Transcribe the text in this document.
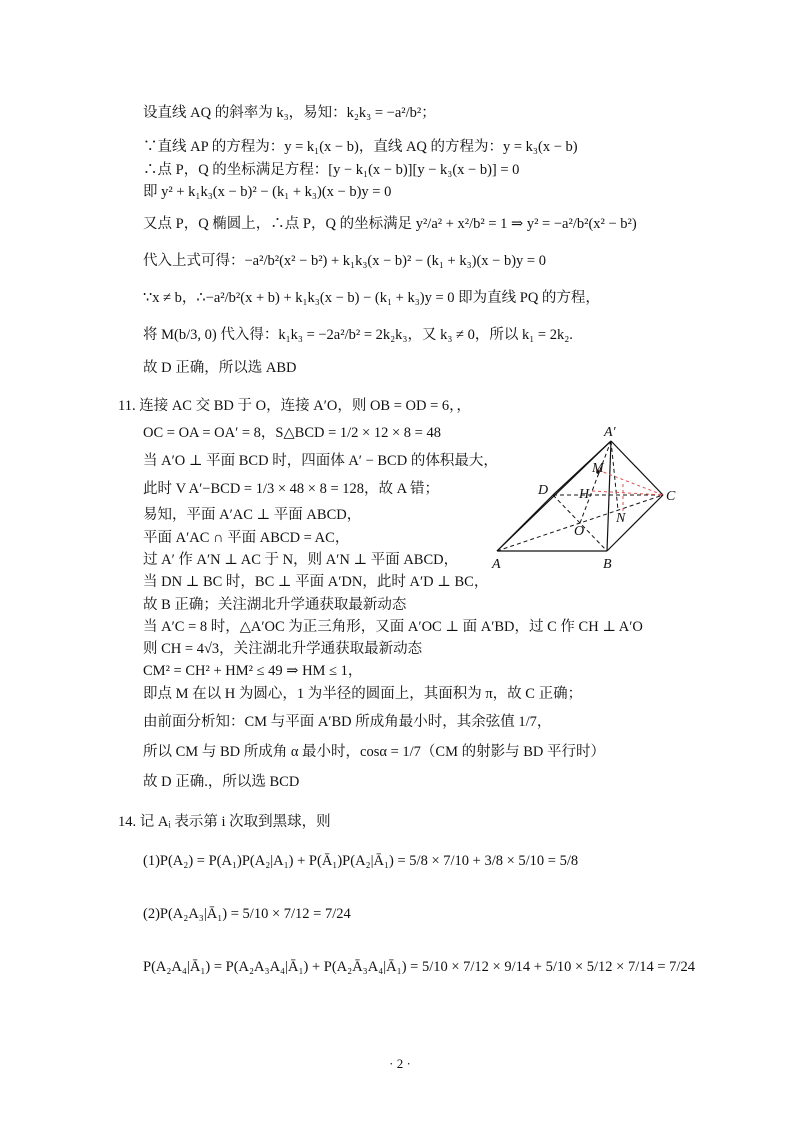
设直线 AQ 的斜率为 k₃，易知：k₂k₃ = −a²/b²；
∵直线 AP 的方程为：y = k₁(x − b)，直线 AQ 的方程为：y = k₃(x − b)
∴点 P，Q 的坐标满足方程：[y − k₁(x − b)][y − k₃(x − b)] = 0
即 y² + k₁k₃(x − b)² − (k₁ + k₃)(x − b)y = 0
又点 P，Q 椭圆上，∴点 P，Q 的坐标满足 y²/a² + x²/b² = 1 ⇒ y² = −a²/b²(x² − b²)
代入上式可得：−a²/b²(x² − b²) + k₁k₃(x − b)² − (k₁ + k₃)(x − b)y = 0
∵x ≠ b，∴−a²/b²(x + b) + k₁k₃(x − b) − (k₁ + k₃)y = 0 即为直线 PQ 的方程，
将 M(b/3, 0) 代入得：k₁k₃ = −2a²/b² = 2k₂k₃，又 k₃ ≠ 0，所以 k₁ = 2k₂.
故 D 正确，所以选 ABD
11. 连接 AC 交 BD 于 O，连接 A′O，则 OB = OD = 6，，
OC = OA = OA′ = 8，S△BCD = 1/2 × 12 × 8 = 48
当 A′O ⊥ 平面 BCD 时，四面体 A′ − BCD 的体积最大，
此时 V A′−BCD = 1/3 × 48 × 8 = 128，故 A 错；
易知，平面 A′AC ⊥ 平面 ABCD，
平面 A′AC ∩ 平面 ABCD = AC，
过 A′ 作 A′N ⊥ AC 于 N，则 A′N ⊥ 平面 ABCD，
当 DN ⊥ BC 时，BC ⊥ 平面 A′DN，此时 A′D ⊥ BC，
故 B 正确；关注湖北升学通获取最新动态
当 A′C = 8 时，△A′OC 为正三角形，又面 A′OC ⊥ 面 A′BD，过 C 作 CH ⊥ A′O
则 CH = 4√3，关注湖北升学通获取最新动态
CM² = CH² + HM² ≤ 49 ⇒ HM ≤ 1，
即点 M 在以 H 为圆心，1 为半径的圆面上，其面积为 π，故 C 正确；
由前面分析知：CM 与平面 A′BD 所成角最小时，其余弦值 1/7，
所以 CM 与 BD 所成角 α 最小时，cosα = 1/7（CM 的射影与 BD 平行时）
故 D 正确.，所以选 BCD
A′
M
D H	C
N
O
A	B
14. 记 Aᵢ 表示第 i 次取到黑球，则
(1)P(A₂) = P(A₁)P(A₂|A₁) + P(Ā₁)P(A₂|Ā₁) = 5/8 × 7/10 + 3/8 × 5/10 = 5/8
(2)P(A₂A₃|Ā₁) = 5/10 × 7/12 = 7/24
P(A₂A₄|Ā₁) = P(A₂A₃A₄|Ā₁) + P(A₂Ā₃A₄|Ā₁) = 5/10 × 7/12 × 9/14 + 5/10 × 5/12 × 7/14 = 7/24
· 2 ·
